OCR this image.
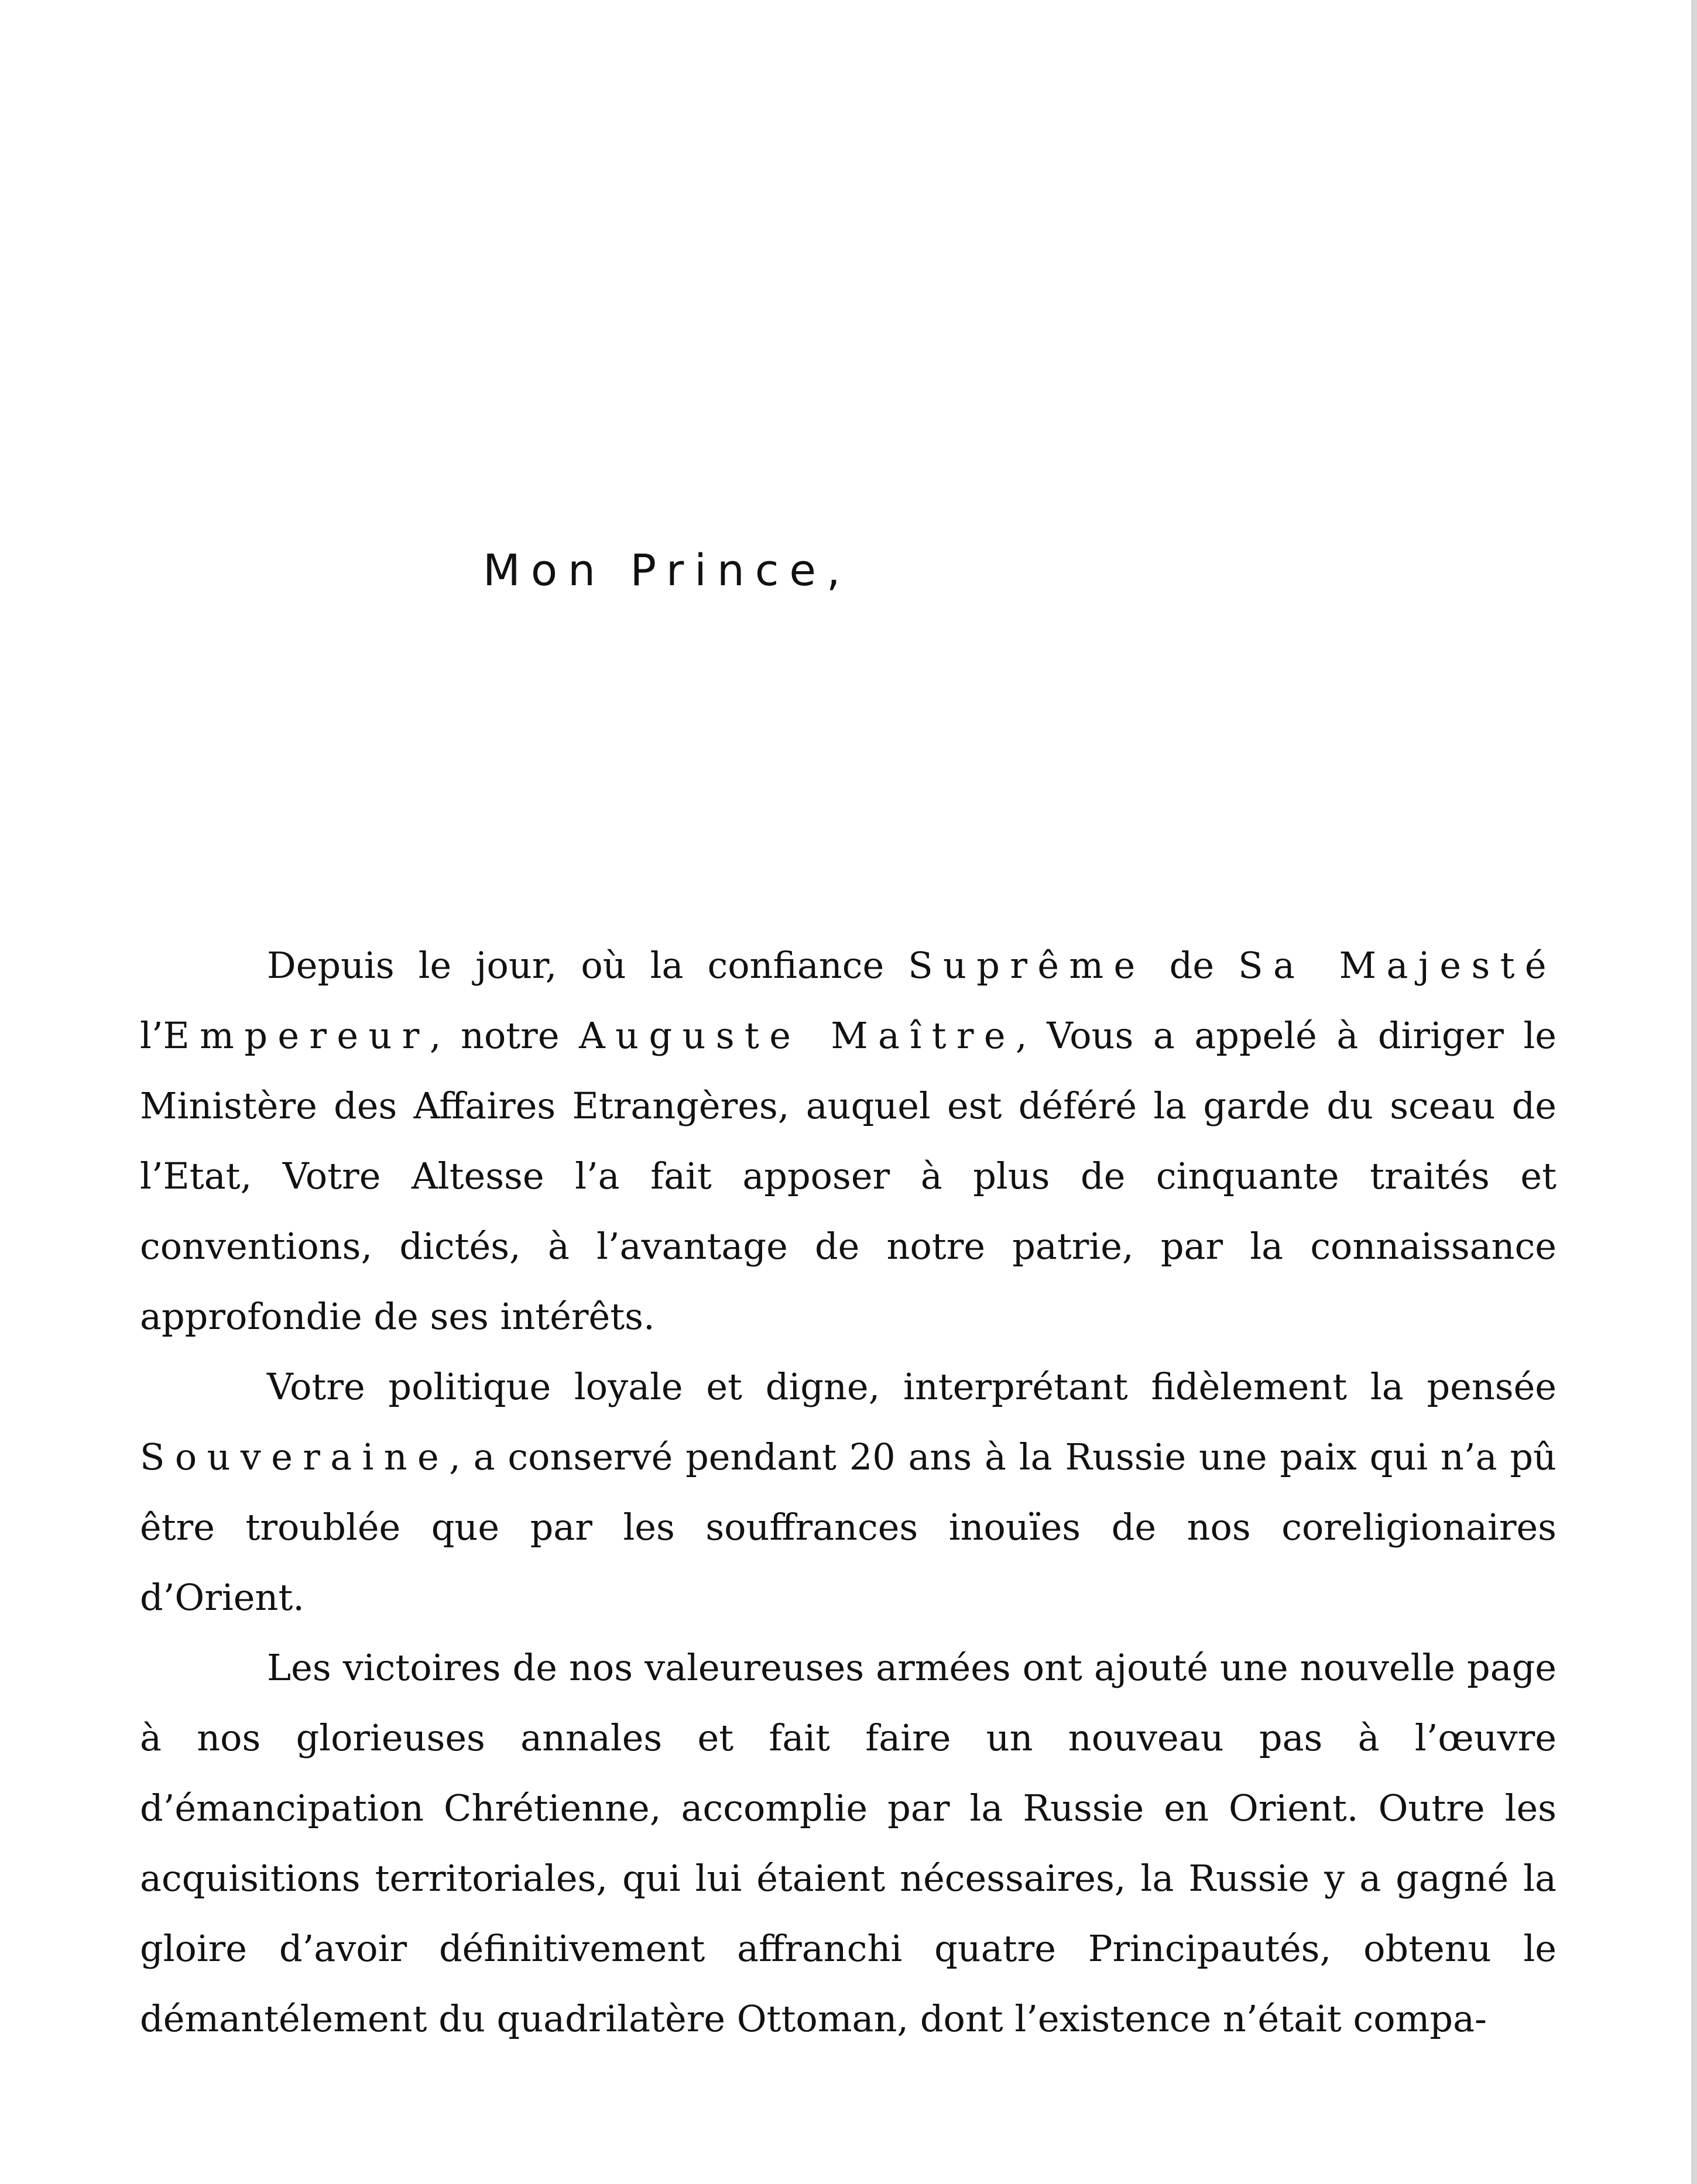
Mon Prince,

Depuis le jour, où la confiance Suprême de Sa Majesté l’Empereur, notre Auguste Maître, Vous a appelé à diriger le Ministère des Affaires Etrangères, auquel est déféré la garde du sceau de l’Etat, Votre Altesse l’a fait apposer à plus de cinquante traités et conventions, dictés, à l’avantage de notre patrie, par la connaissance approfondie de ses intérêts.

Votre politique loyale et digne, interprétant fidèlement la pensée Souveraine, a conservé pendant 20 ans à la Russie une paix qui n’a pû être troublée que par les souffrances inouïes de nos coreligionaires d’Orient.

Les victoires de nos valeureuses armées ont ajouté une nouvelle page à nos glorieuses annales et fait faire un nouveau pas à l’œuvre d’émancipation Chrétienne, accomplie par la Russie en Orient. Outre les acquisitions territoriales, qui lui étaient nécessaires, la Russie y a gagné la gloire d’avoir définitivement affranchi quatre Principautés, obtenu le démantélement du quadrilatère Ottoman, dont l’existence n’était compa-
